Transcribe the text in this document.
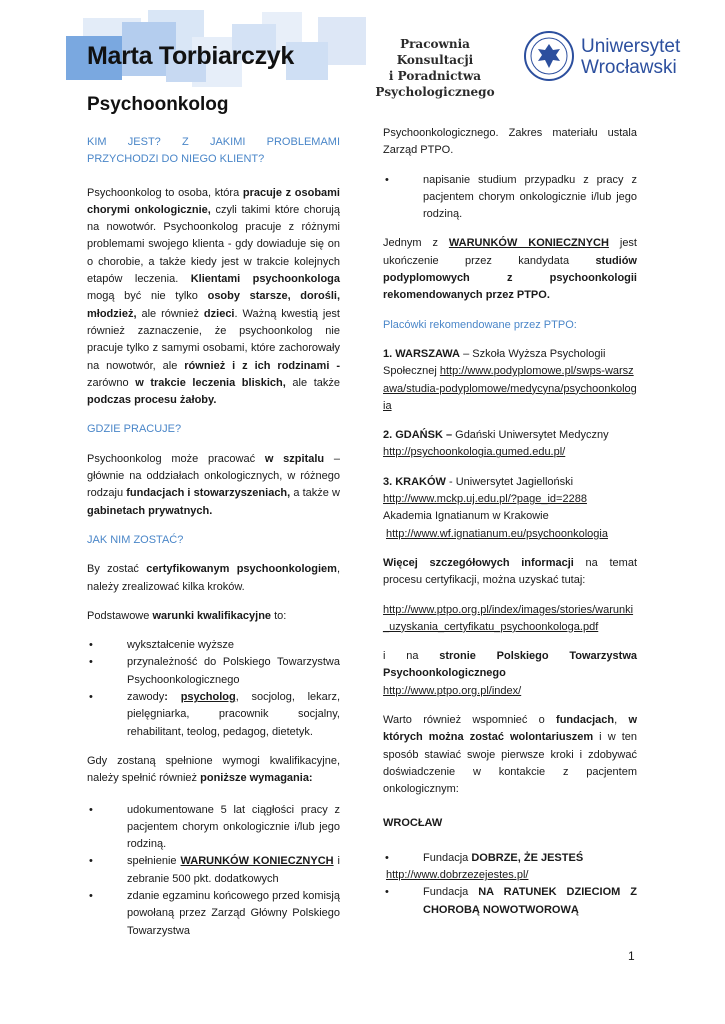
Marta Torbiarczyk
Psychoonkolog
Pracownia Konsultacji
i Poradnictwa
Psychologicznego
Uniwersytet
Wrocławski

KIM JEST? Z JAKIMI PROBLEMAMI PRZYCHODZI DO NIEGO KLIENT?

Psychoonkolog to osoba, która pracuje z osobami chorymi onkologicznie, czyli takimi które chorują na nowotwór. Psychoonkolog pracuje z różnymi problemami swojego klienta - gdy dowiaduje się on o chorobie, a także kiedy jest w trakcie kolejnych etapów leczenia. Klientami psychoonkologa mogą być nie tylko osoby starsze, dorośli, młodzież, ale również dzieci. Ważną kwestią jest również zaznaczenie, że psychoonkolog nie pracuje tylko z samymi osobami, które zachorowały na nowotwór, ale również i z ich rodzinami - zarówno w trakcie leczenia bliskich, ale także podczas procesu żałoby.

GDZIE PRACUJE?

Psychoonkolog może pracować w szpitalu – głównie na oddziałach onkologicznych, w różnego rodzaju fundacjach i stowarzyszeniach, a także w gabinetach prywatnych.

JAK NIM ZOSTAĆ?

By zostać certyfikowanym psychoonkologiem, należy zrealizować kilka kroków.

Podstawowe warunki kwalifikacyjne to:

•	wykształcenie wyższe
•	przynależność do Polskiego Towarzystwa Psychoonkologicznego
•	zawody: psycholog, socjolog, lekarz, pielęgniarka, pracownik socjalny, rehabilitant, teolog, pedagog, dietetyk.

Gdy zostaną spełnione wymogi kwalifikacyjne, należy spełnić również poniższe wymagania:

•	udokumentowane 5 lat ciągłości pracy z pacjentem chorym onkologicznie i/lub jego rodziną.
•	spełnienie WARUNKÓW KONIECZNYCH i zebranie 500 pkt. dodatkowych
•	zdanie egzaminu końcowego przed komisją powołaną przez Zarząd Główny Polskiego Towarzystwa

Psychoonkologicznego. Zakres materiału ustala Zarząd PTPO.

•	napisanie studium przypadku z pracy z pacjentem chorym onkologicznie i/lub jego rodziną.

Jednym z WARUNKÓW KONIECZNYCH jest ukończenie przez kandydata studiów podyplomowych z psychoonkologii rekomendowanych przez PTPO.

Placówki rekomendowane przez PTPO:

1. WARSZAWA – Szkoła Wyższa Psychologii Społecznej http://www.podyplomowe.pl/swps-warszawa/studia-podyplomowe/medycyna/psychoonkologia

2. GDAŃSK – Gdański Uniwersytet Medyczny
http://psychoonkologia.gumed.edu.pl/

3. KRAKÓW - Uniwersytet Jagielloński
http://www.mckp.uj.edu.pl/?page_id=2288
Akademia Ignatianum w Krakowie
http://www.wf.ignatianum.eu/psychoonkologia

Więcej szczegółowych informacji na temat procesu certyfikacji, można uzyskać tutaj:

http://www.ptpo.org.pl/index/images/stories/warunki_uzyskania_certyfikatu_psychoonkologa.pdf

i na stronie Polskiego Towarzystwa Psychoonkologicznego
http://www.ptpo.org.pl/index/

Warto również wspomnieć o fundacjach, w których można zostać wolontariuszem i w ten sposób stawiać swoje pierwsze kroki i zdobywać doświadczenie w kontakcie z pacjentem onkologicznym:

WROCŁAW

•	Fundacja DOBRZE, ŻE JESTEŚ
http://www.dobrzezejestes.pl/
•	Fundacja NA RATUNEK DZIECIOM Z CHOROBĄ NOWOTWOROWĄ
1
